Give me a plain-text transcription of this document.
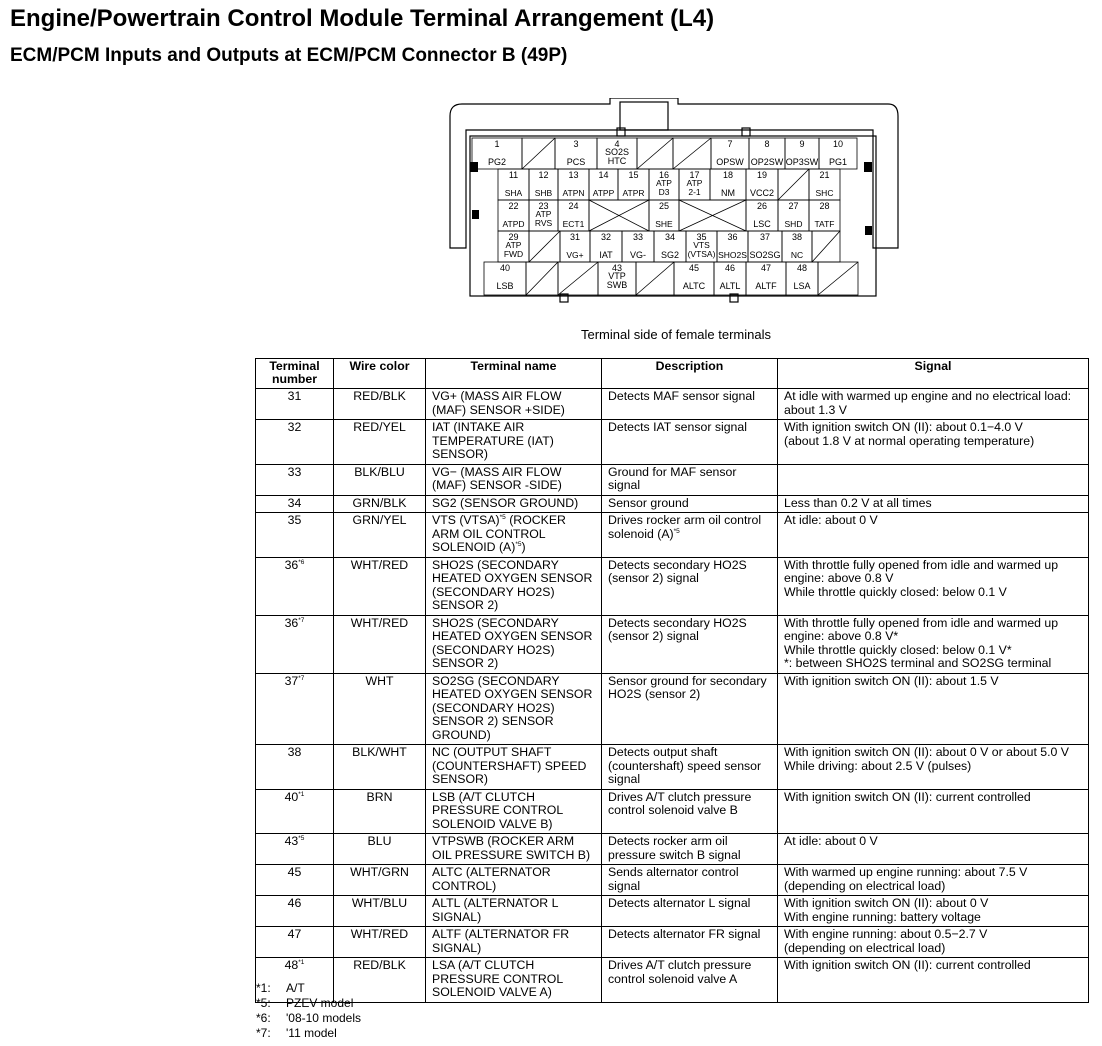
Engine/Powertrain Control Module Terminal Arrangement (L4)
ECM/PCM Inputs and Outputs at ECM/PCM Connector B (49P)
1
PG2
3
PCS
4
SO2S HTC
7
OPSW
8
OP2SW
9
OP3SW
10
PG1
11
SHA
12
SHB
13
ATPN
14
ATPP
15
ATPR
16
ATP D3
17
ATP 2-1
18
NM
19
VCC2
21
SHC
22
ATPD
23
ATP RVS
24
ECT1
25
SHE
26
LSC
27
SHD
28
TATF
29
ATP FWD
31
VG+
32
IAT
33
VG-
34
SG2
35
VTS (VTSA)
36
SHO2S
37
SO2SG
38
NC
40
LSB
43
VTP SWB
45
ALTC
46
ALTL
47
ALTF
48
LSA
Terminal side of female terminals
Terminal number	Wire color	Terminal name	Description	Signal
31	RED/BLK	VG+ (MASS AIR FLOW (MAF) SENSOR +SIDE)	Detects MAF sensor signal	At idle with warmed up engine and no electrical load: about 1.3 V
32	RED/YEL	IAT (INTAKE AIR TEMPERATURE (IAT) SENSOR)	Detects IAT sensor signal	With ignition switch ON (II): about 0.1−4.0 V
(about 1.8 V at normal operating temperature)
33	BLK/BLU	VG− (MASS AIR FLOW (MAF) SENSOR -SIDE)	Ground for MAF sensor signal	
34	GRN/BLK	SG2 (SENSOR GROUND)	Sensor ground	Less than 0.2 V at all times
35	GRN/YEL	VTS (VTSA)$^{*5}$ (ROCKER ARM OIL CONTROL SOLENOID $(A)^{*5}$)	Drives rocker arm oil control solenoid $(A)^{*5}$	At idle: about 0 V
36$^{*6}$	WHT/RED	SHO2S (SECONDARY HEATED OXYGEN SENSOR (SECONDARY HO2S) SENSOR 2)	Detects secondary HO2S (sensor 2) signal	With throttle fully opened from idle and warmed up engine: above 0.8 V
While throttle quickly closed: below 0.1 V
36$^{*7}$	WHT/RED	SHO2S (SECONDARY HEATED OXYGEN SENSOR (SECONDARY HO2S) SENSOR 2)	Detects secondary HO2S (sensor 2) signal	With throttle fully opened from idle and warmed up engine: above 0.8 V*
While throttle quickly closed: below 0.1 V*
*: between SHO2S terminal and SO2SG terminal
37$^{*7}$	WHT	SO2SG (SECONDARY HEATED OXYGEN SENSOR (SECONDARY HO2S) SENSOR 2) SENSOR GROUND)	Sensor ground for secondary HO2S (sensor 2)	With ignition switch ON (II): about 1.5 V
38	BLK/WHT	NC (OUTPUT SHAFT (COUNTERSHAFT) SPEED SENSOR)	Detects output shaft (countershaft) speed sensor signal	With ignition switch ON (II): about 0 V or about 5.0 V
While driving: about 2.5 V (pulses)
40$^{*1}$	BRN	LSB (A/T CLUTCH PRESSURE CONTROL SOLENOID VALVE B)	Drives A/T clutch pressure control solenoid valve B	With ignition switch ON (II): current controlled
43$^{*5}$	BLU	VTPSWB (ROCKER ARM OIL PRESSURE SWITCH B)	Detects rocker arm oil pressure switch B signal	At idle: about 0 V
45	WHT/GRN	ALTC (ALTERNATOR CONTROL)	Sends alternator control signal	With warmed up engine running: about 7.5 V
(depending on electrical load)
46	WHT/BLU	ALTL (ALTERNATOR L SIGNAL)	Detects alternator L signal	With ignition switch ON (II): about 0 V
With engine running: battery voltage
47	WHT/RED	ALTF (ALTERNATOR FR SIGNAL)	Detects alternator FR signal	With engine running: about 0.5−2.7 V
(depending on electrical load)
48$^{*1}$	RED/BLK	LSA (A/T CLUTCH PRESSURE CONTROL SOLENOID VALVE A)	Drives A/T clutch pressure control solenoid valve A	With ignition switch ON (II): current controlled
*1: A/T
*5: PZEV model
*6: '08-10 models
*7: '11 model
